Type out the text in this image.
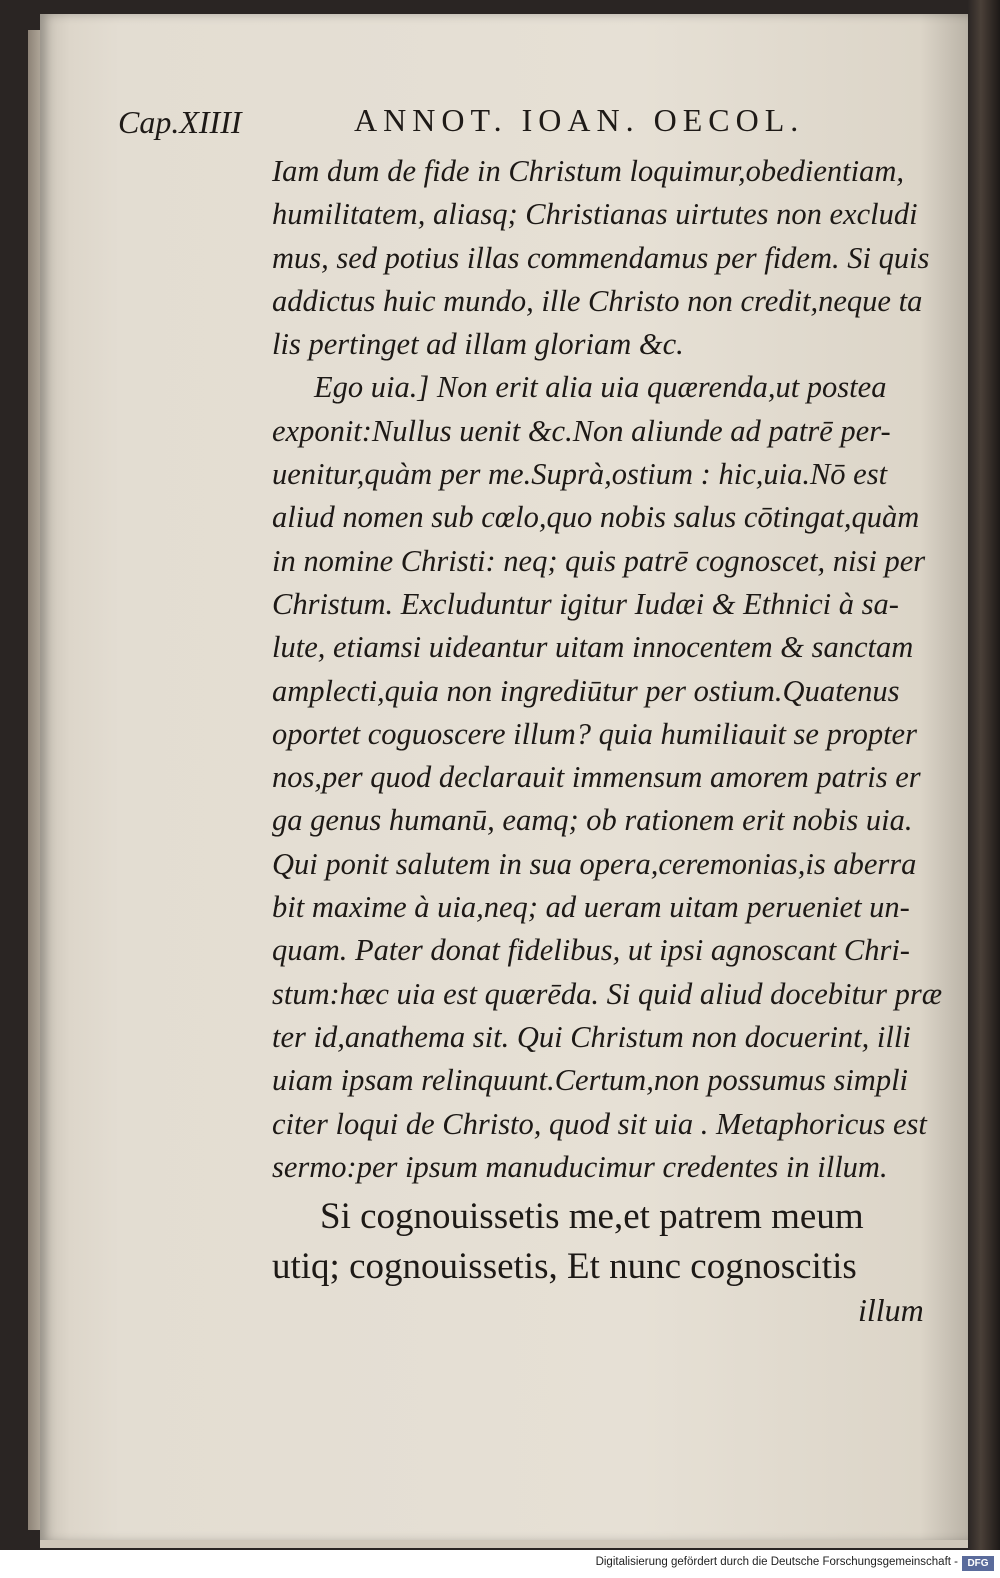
Cap.XIIII	ANNOT. IOAN. OECOL.
Iam dum de fide in Christum loquimur,obedientiam,
humilitatem, aliasq; Christianas uirtutes non excludi
mus, sed potius illas commendamus per fidem. Si quis
addictus huic mundo, ille Christo non credit,neque ta
lis pertinget ad illam gloriam &c.
Ego uia.] Non erit alia uia quærenda,ut postea
exponit:Nullus uenit &c.Non aliunde ad patrē per-
uenitur,quàm per me.Suprà,ostium : hic,uia.Nō est
aliud nomen sub cœlo,quo nobis salus cōtingat,quàm
in nomine Christi: neq; quis patrē cognoscet, nisi per
Christum. Excluduntur igitur Iudæi & Ethnici à sa-
lute, etiamsi uideantur uitam innocentem & sanctam
amplecti,quia non ingrediūtur per ostium.Quatenus
oportet coguoscere illum? quia humiliauit se propter
nos,per quod declarauit immensum amorem patris er
ga genus humanū, eamq; ob rationem erit nobis uia.
Qui ponit salutem in sua opera,ceremonias,is aberra
bit maxime à uia,neq; ad ueram uitam perueniet un-
quam. Pater donat fidelibus, ut ipsi agnoscant Chri-
stum:hæc uia est quærēda. Si quid aliud docebitur præ
ter id,anathema sit. Qui Christum non docuerint, illi
uiam ipsam relinquunt.Certum,non possumus simpli
citer loqui de Christo, quod sit uia . Metaphoricus est
sermo:per ipsum manuducimur credentes in illum.
Si cognouissetis me,et patrem meum
utiq; cognouissetis, Et nunc cognoscitis
illum
Digitalisierung gefördert durch die Deutsche Forschungsgemeinschaft - DFG
